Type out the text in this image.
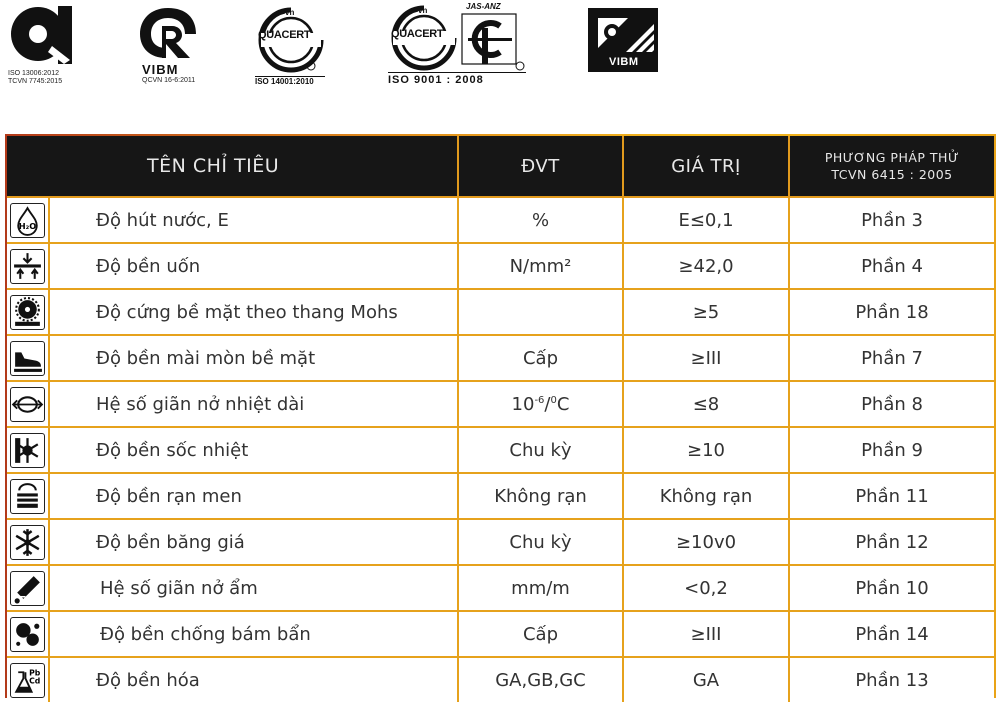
ISO 13006:2012
TCVN 7745:2015
VIBM
QCVN 16-6:2011
QUACERT
vn
ISO 14001:2010
JAS-ANZ
QUACERT
vn
ISO 9001 : 2008
VIBM
TÊN CHỈ TIÊU	ĐVT	GIÁ TRỊ	PHƯƠNG PHÁP THỬ
TCVN 6415 : 2005

H₂O Độ hút nước, E	%	E≤0,1	Phần 3

Độ bền uốn	N/mm²	≥42,0	Phần 4

Độ cứng bề mặt theo thang Mohs		≥5	Phần 18

Độ bền mài mòn bề mặt	Cấp	≥III	Phần 7

Hệ số giãn nở nhiệt dài	$10^{-6}/^0C$	≤8	Phần 8

Độ bền sốc nhiệt	Chu kỳ	≥10	Phần 9

Độ bền rạn men	Không rạn	Không rạn	Phần 11

Độ bền băng giá	Chu kỳ	≥10v0	Phần 12

Hệ số giãn nở ẩm	mm/m	<0,2	Phần 10

Độ bền chống bám bẩn	Cấp	≥III	Phần 14

Pb
Cd Độ bền hóa	GA,GB,GC	GA	Phần 13
